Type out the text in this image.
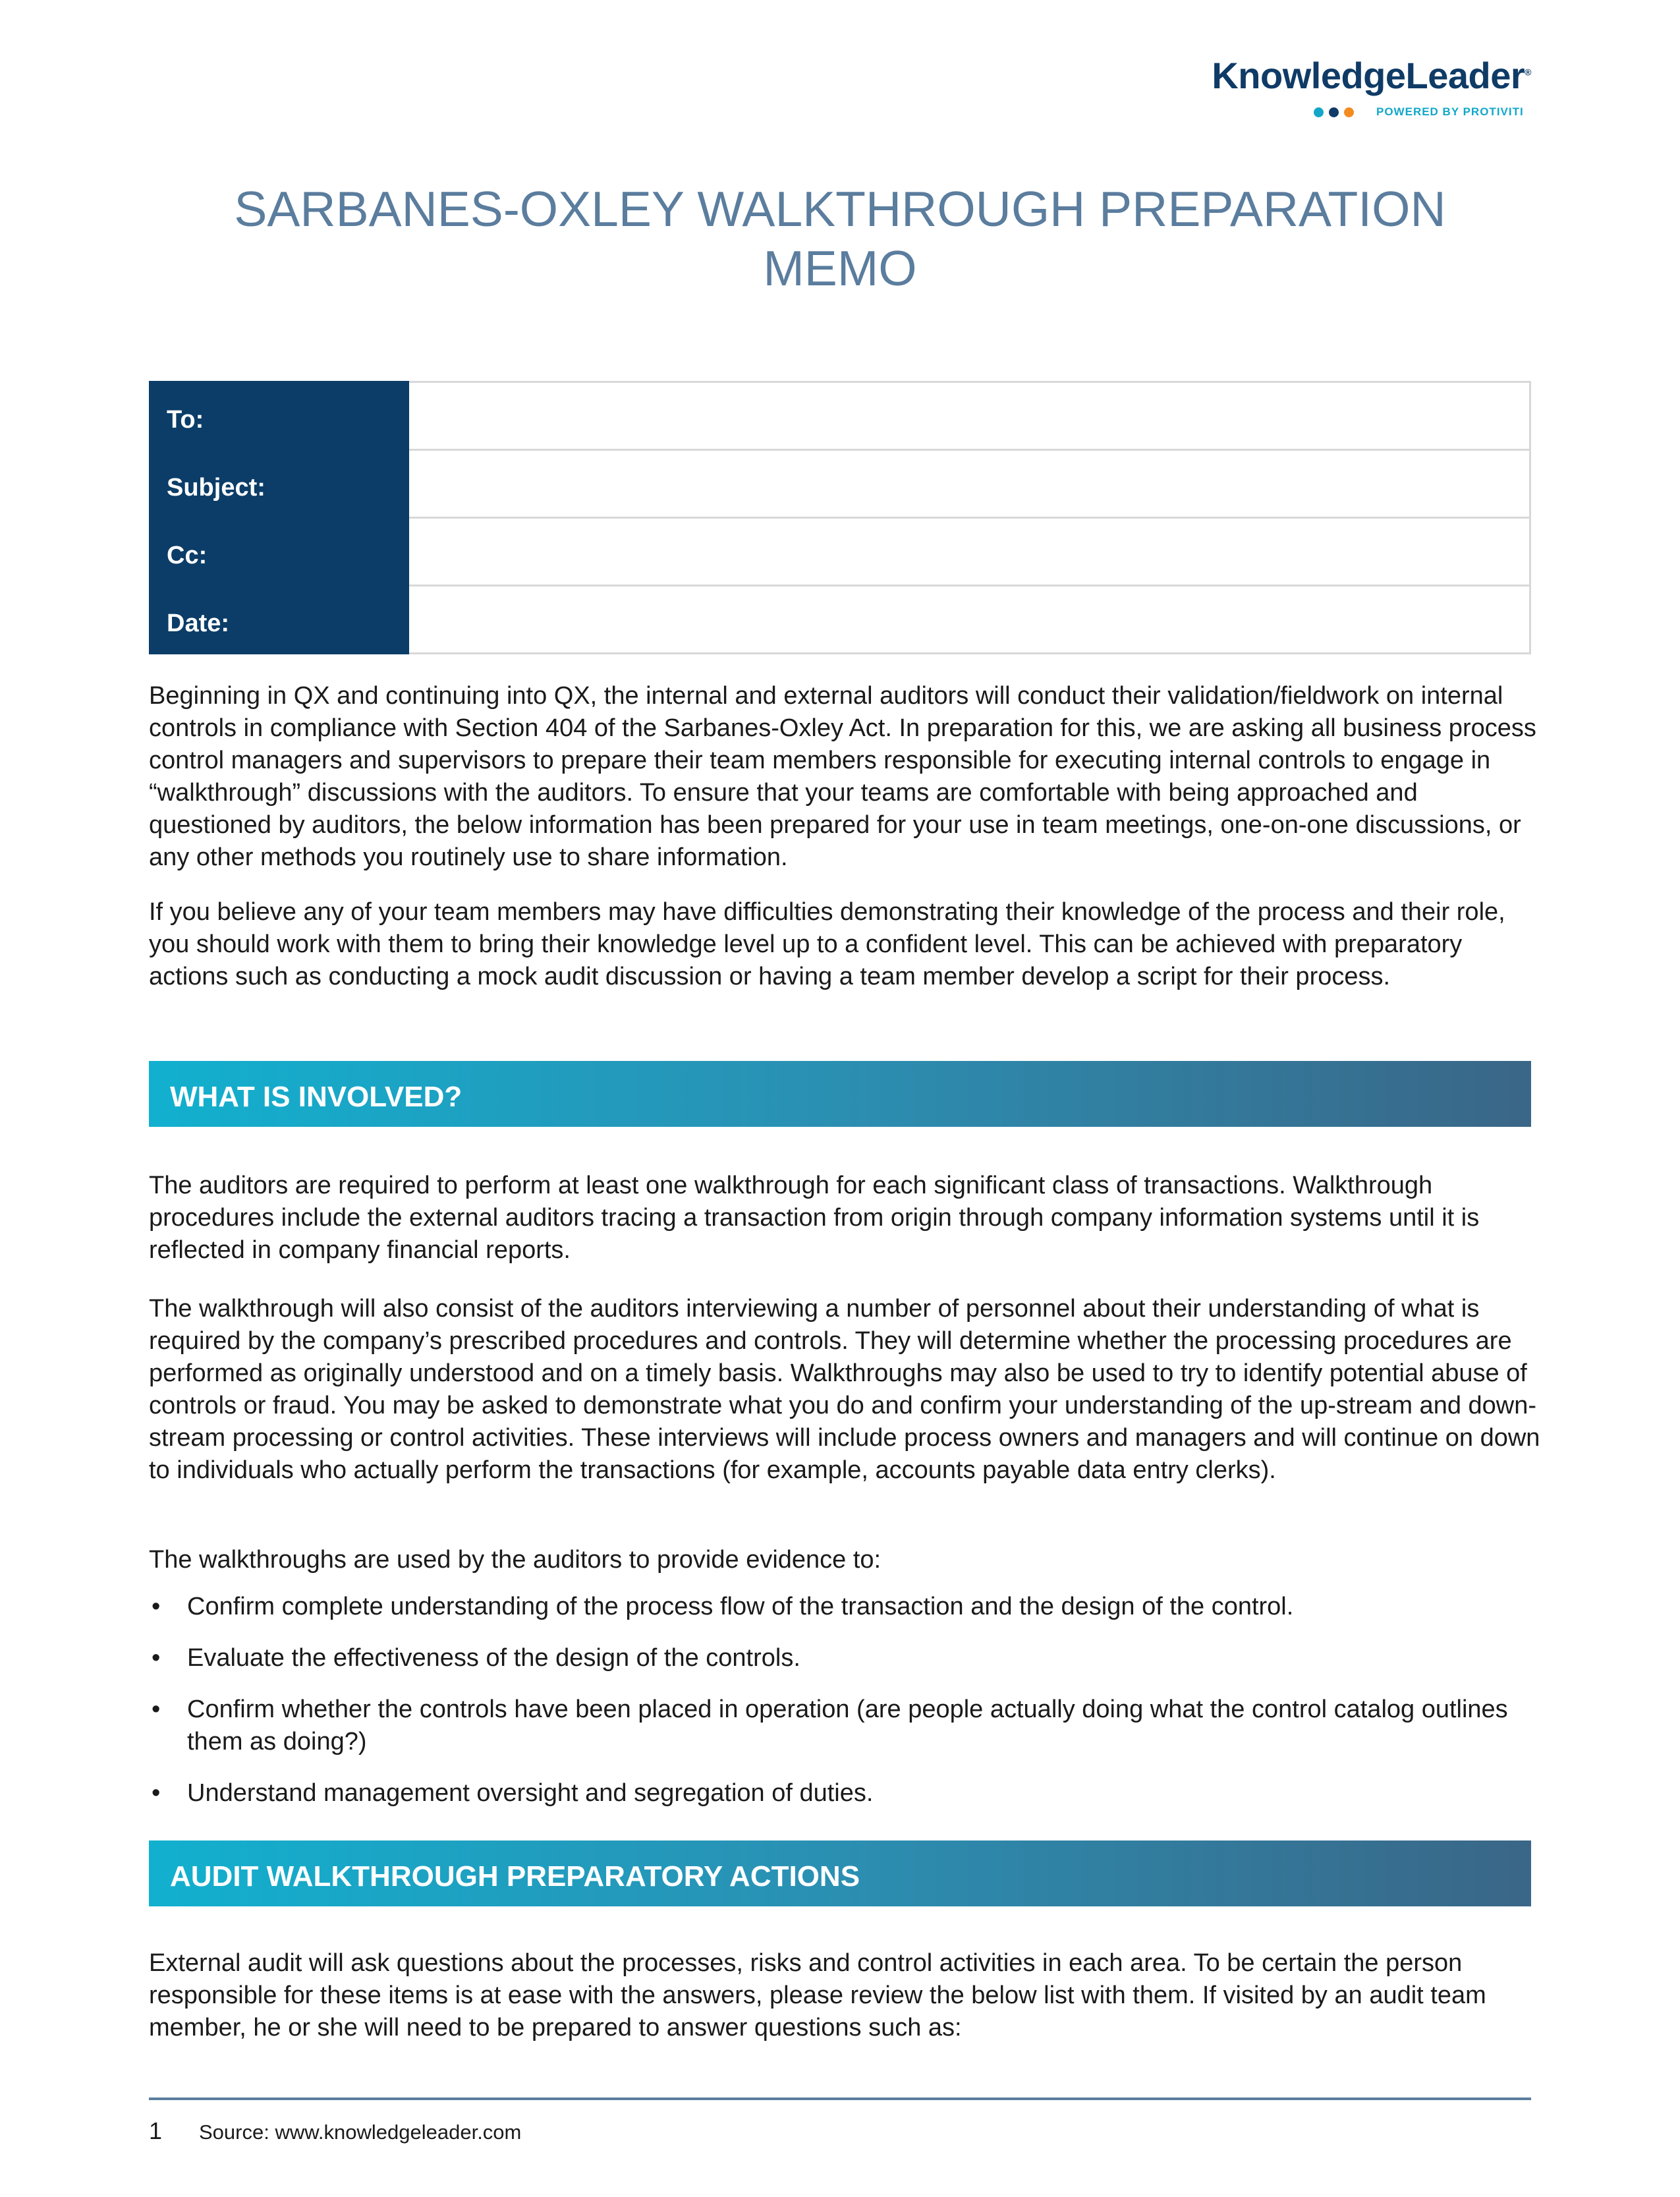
KnowledgeLeader®
POWERED BY PROTIVITI
SARBANES-OXLEY WALKTHROUGH PREPARATION
MEMO
To:	
Subject:	
Cc:	
Date:	

Beginning in QX and continuing into QX, the internal and external auditors will conduct their validation/fieldwork on internal controls in compliance with Section 404 of the Sarbanes-Oxley Act. In preparation for this, we are asking all business process control managers and supervisors to prepare their team members responsible for executing internal controls to engage in “walkthrough” discussions with the auditors. To ensure that your teams are comfortable with being approached and questioned by auditors, the below information has been prepared for your use in team meetings, one-on-one discussions, or any other methods you routinely use to share information.

If you believe any of your team members may have difficulties demonstrating their knowledge of the process and their role, you should work with them to bring their knowledge level up to a confident level. This can be achieved with preparatory actions such as conducting a mock audit discussion or having a team member develop a script for their process.

WHAT IS INVOLVED?

The auditors are required to perform at least one walkthrough for each significant class of transactions. Walkthrough procedures include the external auditors tracing a transaction from origin through company information systems until it is reflected in company financial reports.

The walkthrough will also consist of the auditors interviewing a number of personnel about their understanding of what is required by the company’s prescribed procedures and controls. They will determine whether the processing procedures are performed as originally understood and on a timely basis. Walkthroughs may also be used to try to identify potential abuse of controls or fraud. You may be asked to demonstrate what you do and confirm your understanding of the up-stream and down-stream processing or control activities. These interviews will include process owners and managers and will continue on down to individuals who actually perform the transactions (for example, accounts payable data entry clerks).

The walkthroughs are used by the auditors to provide evidence to:

• Confirm complete understanding of the process flow of the transaction and the design of the control.
• Evaluate the effectiveness of the design of the controls.
• Confirm whether the controls have been placed in operation (are people actually doing what the control catalog outlines them as doing?)
• Understand management oversight and segregation of duties.
AUDIT WALKTHROUGH PREPARATORY ACTIONS

External audit will ask questions about the processes, risks and control activities in each area. To be certain the person responsible for these items is at ease with the answers, please review the below list with them. If visited by an audit team member, he or she will need to be prepared to answer questions such as:

1 Source: www.knowledgeleader.com
